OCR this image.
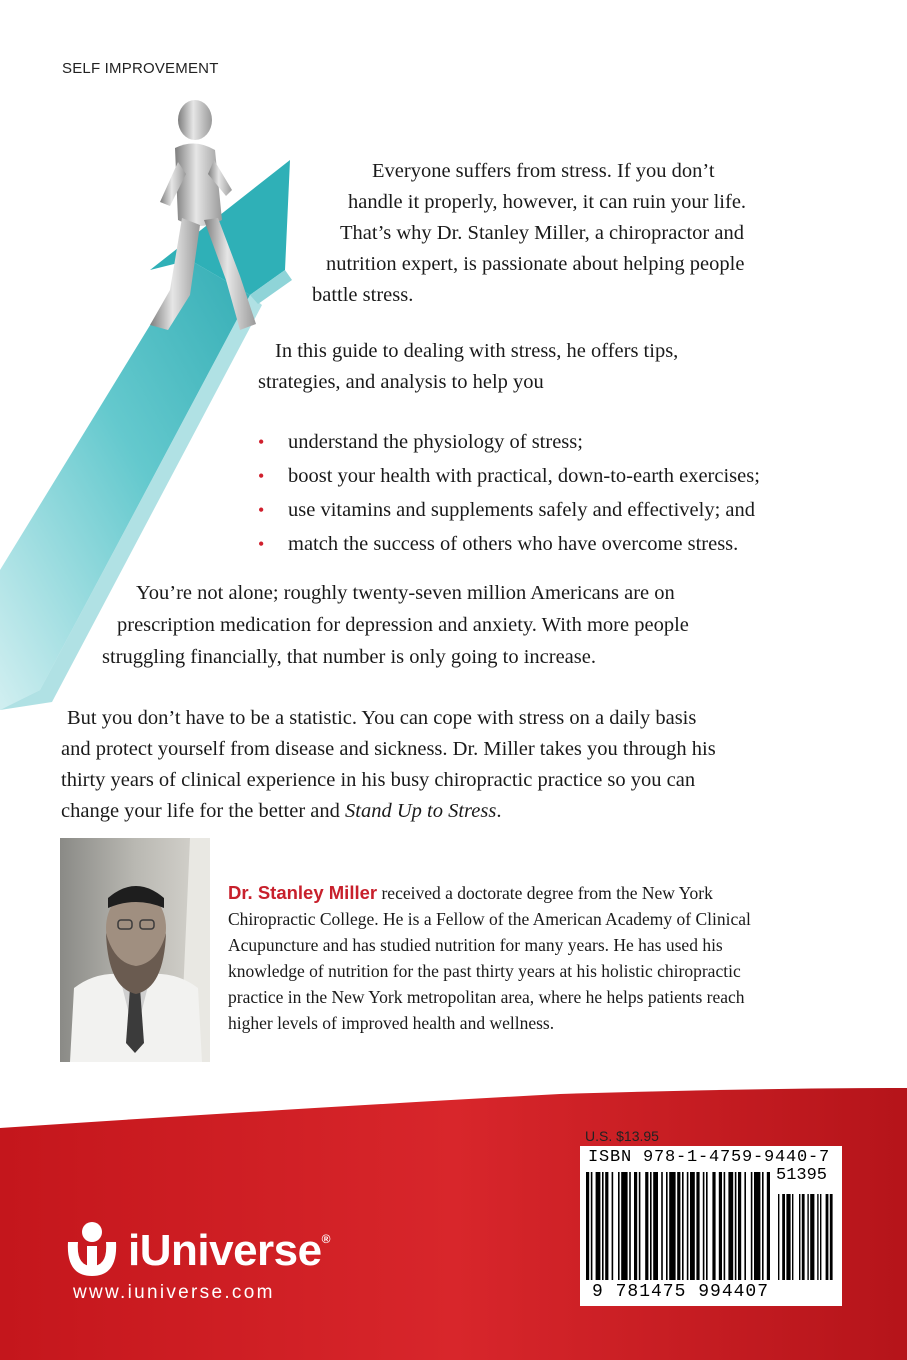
SELF IMPROVEMENT

Everyone suffers from stress. If you don’t

handle it properly, however, it can ruin your life.

That’s why Dr. Stanley Miller, a chiropractor and

nutrition expert, is passionate about helping people

battle stress.

In this guide to dealing with stress, he offers tips,

strategies, and analysis to help you

• understand the physiology of stress;
• boost your health with practical, down-to-earth exercises;
• use vitamins and supplements safely and effectively; and
• match the success of others who have overcome stress.

You’re not alone; roughly twenty-seven million Americans are on

prescription medication for depression and anxiety. With more people

struggling financially, that number is only going to increase.

But you don’t have to be a statistic. You can cope with stress on a daily basis

and protect yourself from disease and sickness. Dr. Miller takes you through his

thirty years of clinical experience in his busy chiropractic practice so you can

change your life for the better and Stand Up to Stress.

Dr. Stanley Miller received a doctorate degree from the New York
Chiropractic College. He is a Fellow of the American Academy of Clinical
Acupuncture and has studied nutrition for many years. He has used his
knowledge of nutrition for the past thirty years at his holistic chiropractic
practice in the New York metropolitan area, where he helps patients reach
higher levels of improved health and wellness.

iUniverse®
www.iuniverse.com
U.S. $13.95
ISBN 978-1-4759-9440-7
51395
9 781475 994407
